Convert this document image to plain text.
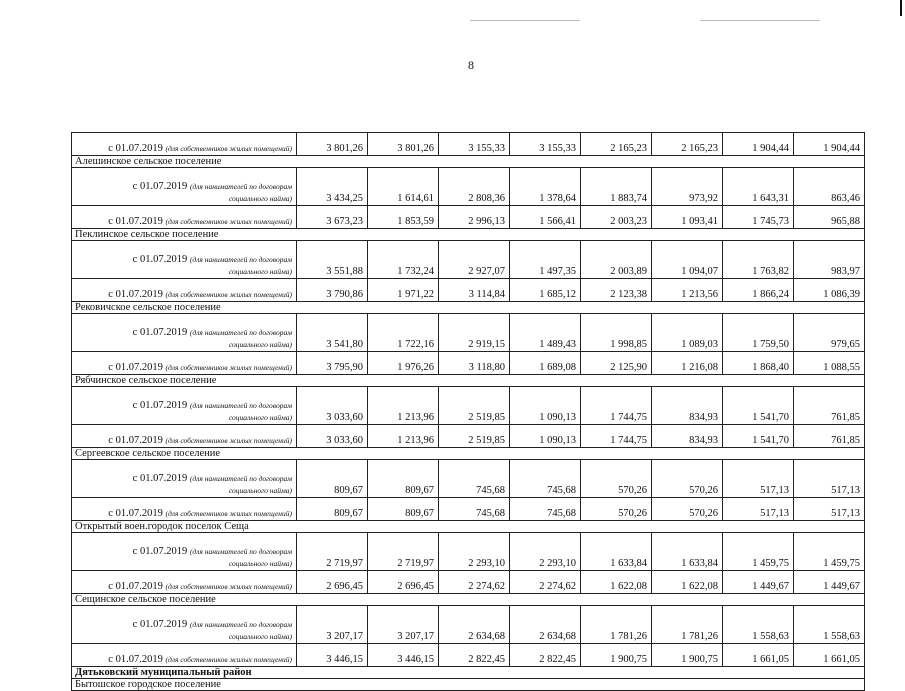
8
с 01.07.2019 (для собственников жилых помещений)	3 801,26	3 801,26	3 155,33	3 155,33	2 165,23	2 165,23	1 904,44	1 904,44
Алешинское сельское поселение								

с 01.07.2019 (для нанимателей по договорам
социального найма)	3 434,25	1 614,61	2 808,36	1 378,64	1 883,74	973,92	1 643,31	863,46
с 01.07.2019 (для собственников жилых помещений)	3 673,23	1 853,59	2 996,13	1 566,41	2 003,23	1 093,41	1 745,73	965,88
Пеклинское сельское поселение								

с 01.07.2019 (для нанимателей по договорам
социального найма)	3 551,88	1 732,24	2 927,07	1 497,35	2 003,89	1 094,07	1 763,82	983,97
с 01.07.2019 (для собственников жилых помещений)	3 790,86	1 971,22	3 114,84	1 685,12	2 123,38	1 213,56	1 866,24	1 086,39
Рековичское сельское поселение								

с 01.07.2019 (для нанимателей по договорам
социального найма)	3 541,80	1 722,16	2 919,15	1 489,43	1 998,85	1 089,03	1 759,50	979,65
с 01.07.2019 (для собственников жилых помещений)	3 795,90	1 976,26	3 118,80	1 689,08	2 125,90	1 216,08	1 868,40	1 088,55
Рябчинское сельское поселение								

с 01.07.2019 (для нанимателей по договорам
социального найма)	3 033,60	1 213,96	2 519,85	1 090,13	1 744,75	834,93	1 541,70	761,85
с 01.07.2019 (для собственников жилых помещений)	3 033,60	1 213,96	2 519,85	1 090,13	1 744,75	834,93	1 541,70	761,85
Сергеевское сельское поселение								

с 01.07.2019 (для нанимателей по договорам
социального найма)	809,67	809,67	745,68	745,68	570,26	570,26	517,13	517,13
с 01.07.2019 (для собственников жилых помещений)	809,67	809,67	745,68	745,68	570,26	570,26	517,13	517,13
Открытый воен.городок поселок Сеща								

с 01.07.2019 (для нанимателей по договорам
социального найма)	2 719,97	2 719,97	2 293,10	2 293,10	1 633,84	1 633,84	1 459,75	1 459,75
с 01.07.2019 (для собственников жилых помещений)	2 696,45	2 696,45	2 274,62	2 274,62	1 622,08	1 622,08	1 449,67	1 449,67
Сещинское сельское поселение								

с 01.07.2019 (для нанимателей по договорам
социального найма)	3 207,17	3 207,17	2 634,68	2 634,68	1 781,26	1 781,26	1 558,63	1 558,63
с 01.07.2019 (для собственников жилых помещений)	3 446,15	3 446,15	2 822,45	2 822,45	1 900,75	1 900,75	1 661,05	1 661,05
Дятьковский муниципальный район								
Бытошское городское поселение								
